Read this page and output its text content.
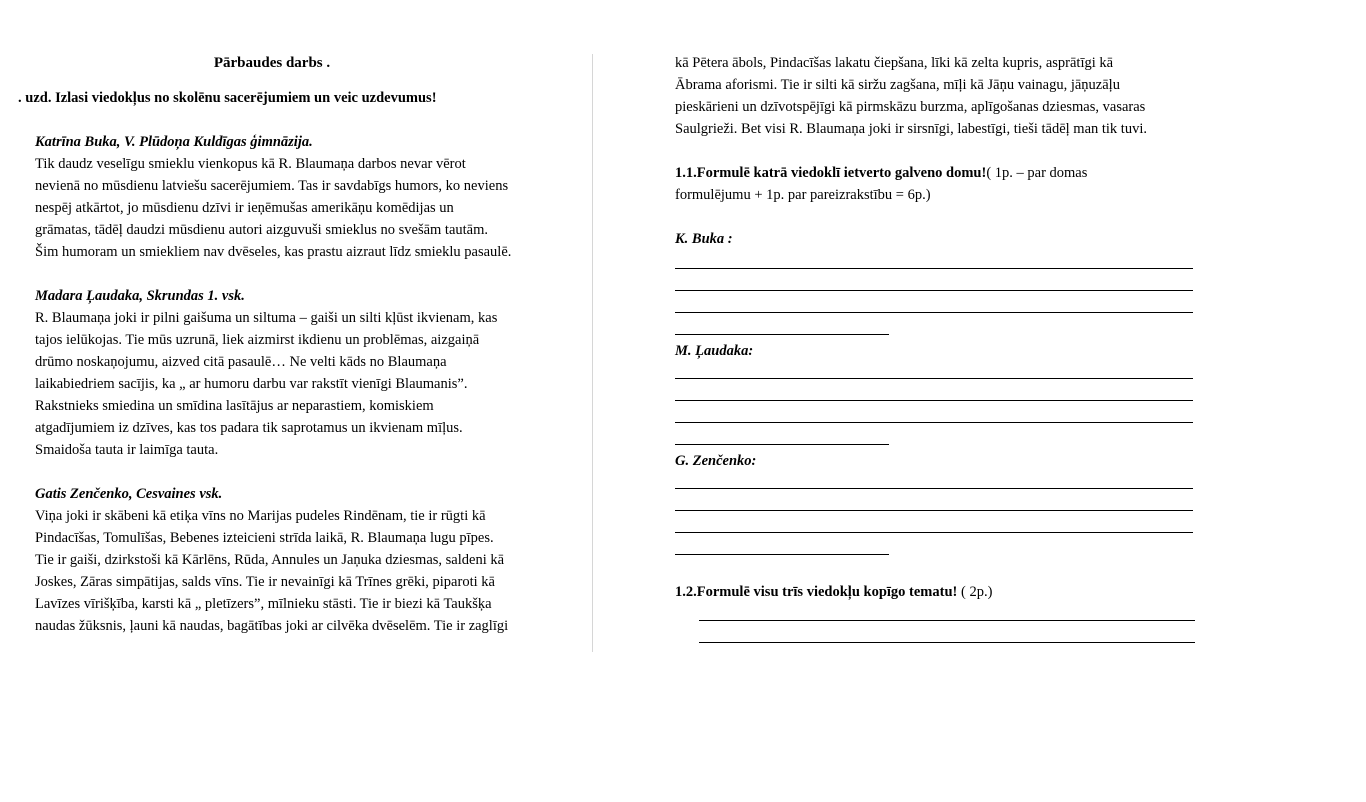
Pārbaudes darbs .
. uzd. Izlasi viedokļus no skolēnu sacerējumiem un veic uzdevumus!
Katrīna Buka, V. Plūdoņa Kuldīgas ģimnāzija.
Tik daudz veselīgu smieklu vienkopus kā R. Blaumaņa darbos nevar vērot
nevienā no mūsdienu latviešu sacerējumiem. Tas ir savdabīgs humors, ko neviens
nespēj atkārtot, jo mūsdienu dzīvi ir ieņēmušas amerikāņu komēdijas un
grāmatas, tādēļ daudzi mūsdienu autori aizguvuši smieklus no svešām tautām.
Šim humoram un smiekliem nav dvēseles, kas prastu aizraut līdz smieklu pasaulē.
Madara Ļaudaka, Skrundas 1. vsk.
R. Blaumaņa joki ir pilni gaišuma un siltuma – gaiši un silti kļūst ikvienam, kas
tajos ielūkojas. Tie mūs uzrunā, liek aizmirst ikdienu un problēmas, aizgaiņā
drūmo noskaņojumu, aizved citā pasaulē… Ne velti kāds no Blaumaņa
laikabiedriem sacījis, ka „ ar humoru darbu var rakstīt vienīgi Blaumanis”.
Rakstnieks smiedina un smīdina lasītājus ar neparastiem, komiskiem
atgadījumiem iz dzīves, kas tos padara tik saprotamus un ikvienam mīļus.
Smaidoša tauta ir laimīga tauta.
Gatis Zenčenko, Cesvaines vsk.
Viņa joki ir skābeni kā etiķa vīns no Marijas pudeles Rindēnam, tie ir rūgti kā
Pindacīšas, Tomulīšas, Bebenes izteicieni strīda laikā, R. Blaumaņa lugu pīpes.
Tie ir gaiši, dzirkstoši kā Kārlēns, Rūda, Annules un Jaņuka dziesmas, saldeni kā
Joskes, Zāras simpātijas, salds vīns. Tie ir nevainīgi kā Trīnes grēki, piparoti kā
Lavīzes vīrišķība, karsti kā „ pletīzers”, mīlnieku stāsti. Tie ir biezi kā Taukšķa
naudas žūksnis, ļauni kā naudas, bagātības joki ar cilvēka dvēselēm. Tie ir zaglīgi
kā Pētera ābols, Pindacīšas lakatu čiepšana, līki kā zelta kupris, asprātīgi kā
Ābrama aforismi. Tie ir silti kā siržu zagšana, mīļi kā Jāņu vainagu, jāņuzāļu
pieskārieni un dzīvotspējīgi kā pirmskāzu burzma, aplīgošanas dziesmas, vasaras
Saulgrieži. Bet visi R. Blaumaņa joki ir sirsnīgi, labestīgi, tieši tādēļ man tik tuvi.
1.1.Formulē katrā viedoklī ietverto galveno domu!( 1p. – par domas
formulējumu + 1p. par pareizrakstību = 6p.)
K. Buka :
M. Ļaudaka:
G. Zenčenko:
1.2.Formulē visu trīs viedokļu kopīgo tematu! ( 2p.)
